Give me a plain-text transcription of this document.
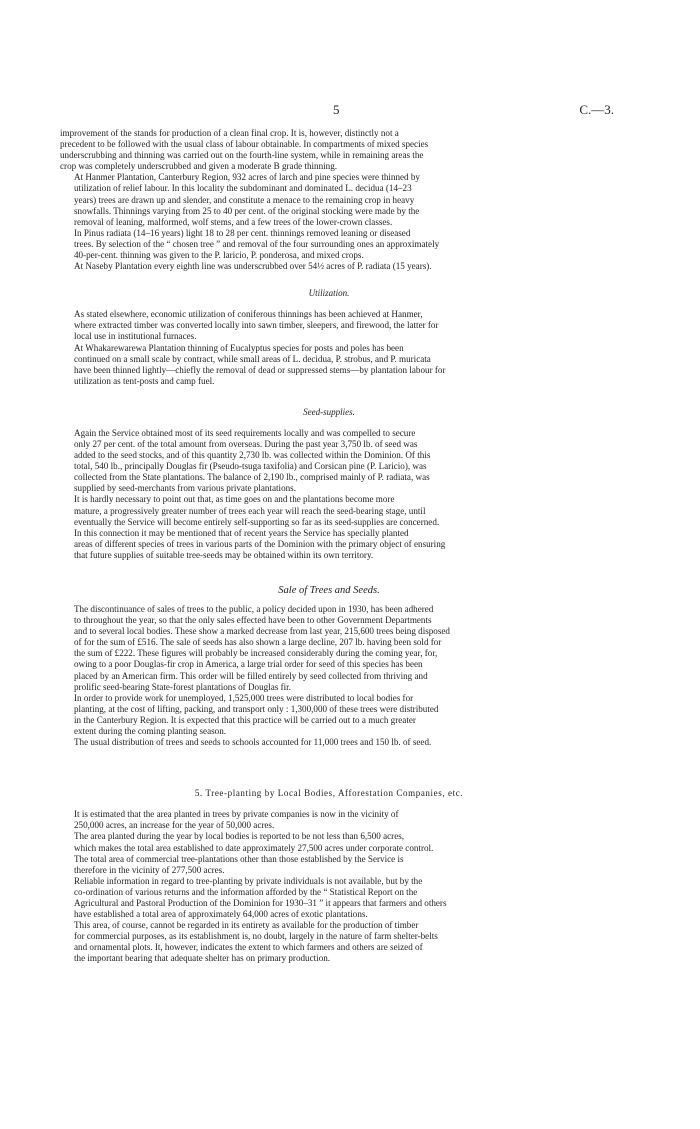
5	C.—3.

improvement of the stands for production of a clean final crop. It is, however, distinctly not a
precedent to be followed with the usual class of labour obtainable. In compartments of mixed species
underscrubbing and thinning was carried out on the fourth-line system, while in remaining areas the
crop was completely underscrubbed and given a moderate B grade thinning.

At Hanmer Plantation, Canterbury Region, 932 acres of larch and pine species were thinned by
utilization of relief labour. In this locality the subdominant and dominated L. decidua (14–23
years) trees are drawn up and slender, and constitute a menace to the remaining crop in heavy
snowfalls. Thinnings varying from 25 to 40 per cent. of the original stocking were made by the
removal of leaning, malformed, wolf stems, and a few trees of the lower-crown classes.

In Pinus radiata (14–16 years) light 18 to 28 per cent. thinnings removed leaning or diseased
trees. By selection of the “ chosen tree ” and removal of the four surrounding ones an approximately
40-per-cent. thinning was given to the P. laricio, P. ponderosa, and mixed crops.

At Naseby Plantation every eighth line was underscrubbed over 54½ acres of P. radiata (15 years).

Utilization.

As stated elsewhere, economic utilization of coniferous thinnings has been achieved at Hanmer,
where extracted timber was converted locally into sawn timber, sleepers, and firewood, the latter for
local use in institutional furnaces.

At Whakarewarewa Plantation thinning of Eucalyptus species for posts and poles has been
continued on a small scale by contract, while small areas of L. decidua, P. strobus, and P. muricata
have been thinned lightly—chiefly the removal of dead or suppressed stems—by plantation labour for
utilization as tent-posts and camp fuel.

Seed-supplies.

Again the Service obtained most of its seed requirements locally and was compelled to secure
only 27 per cent. of the total amount from overseas. During the past year 3,750 lb. of seed was
added to the seed stocks, and of this quantity 2,730 lb. was collected within the Dominion. Of this
total, 540 lb., principally Douglas fir (Pseudo-tsuga taxifolia) and Corsican pine (P. Laricio), was
collected from the State plantations. The balance of 2,190 lb., comprised mainly of P. radiata, was
supplied by seed-merchants from various private plantations.

It is hardly necessary to point out that, as time goes on and the plantations become more
mature, a progressively greater number of trees each year will reach the seed-bearing stage, until
eventually the Service will become entirely self-supporting so far as its seed-supplies are concerned.

In this connection it may be mentioned that of recent years the Service has specially planted
areas of different species of trees in various parts of the Dominion with the primary object of ensuring
that future supplies of suitable tree-seeds may be obtained within its own territory.

Sale of Trees and Seeds.

The discontinuance of sales of trees to the public, a policy decided upon in 1930, has been adhered
to throughout the year, so that the only sales effected have been to other Government Departments
and to several local bodies. These show a marked decrease from last year, 215,600 trees being disposed
of for the sum of £516. The sale of seeds has also shown a large decline, 207 lb. having been sold for
the sum of £222. These figures will probably be increased considerably during the coming year, for,
owing to a poor Douglas-fir crop in America, a large trial order for seed of this species has been
placed by an American firm. This order will be filled entirely by seed collected from thriving and
prolific seed-bearing State-forest plantations of Douglas fir.

In order to provide work for unemployed, 1,525,000 trees were distributed to local bodies for
planting, at the cost of lifting, packing, and transport only : 1,300,000 of these trees were distributed
in the Canterbury Region. It is expected that this practice will be carried out to a much greater
extent during the coming planting season.

The usual distribution of trees and seeds to schools accounted for 11,000 trees and 150 lb. of seed.

5. Tree-planting by Local Bodies, Afforestation Companies, etc.

It is estimated that the area planted in trees by private companies is now in the vicinity of
250,000 acres, an increase for the year of 50,000 acres.

The area planted during the year by local bodies is reported to be not less than 6,500 acres,
which makes the total area established to date approximately 27,500 acres under corporate control.

The total area of commercial tree-plantations other than those established by the Service is
therefore in the vicinity of 277,500 acres.

Reliable information in regard to tree-planting by private individuals is not available, but by the
co-ordination of various returns and the information afforded by the “ Statistical Report on the
Agricultural and Pastoral Production of the Dominion for 1930–31 ” it appears that farmers and others
have established a total area of approximately 64,000 acres of exotic plantations.

This area, of course, cannot be regarded in its entirety as available for the production of timber
for commercial purposes, as its establishment is, no doubt, largely in the nature of farm shelter-belts
and ornamental plots. It, however, indicates the extent to which farmers and others are seized of
the important bearing that adequate shelter has on primary production.
